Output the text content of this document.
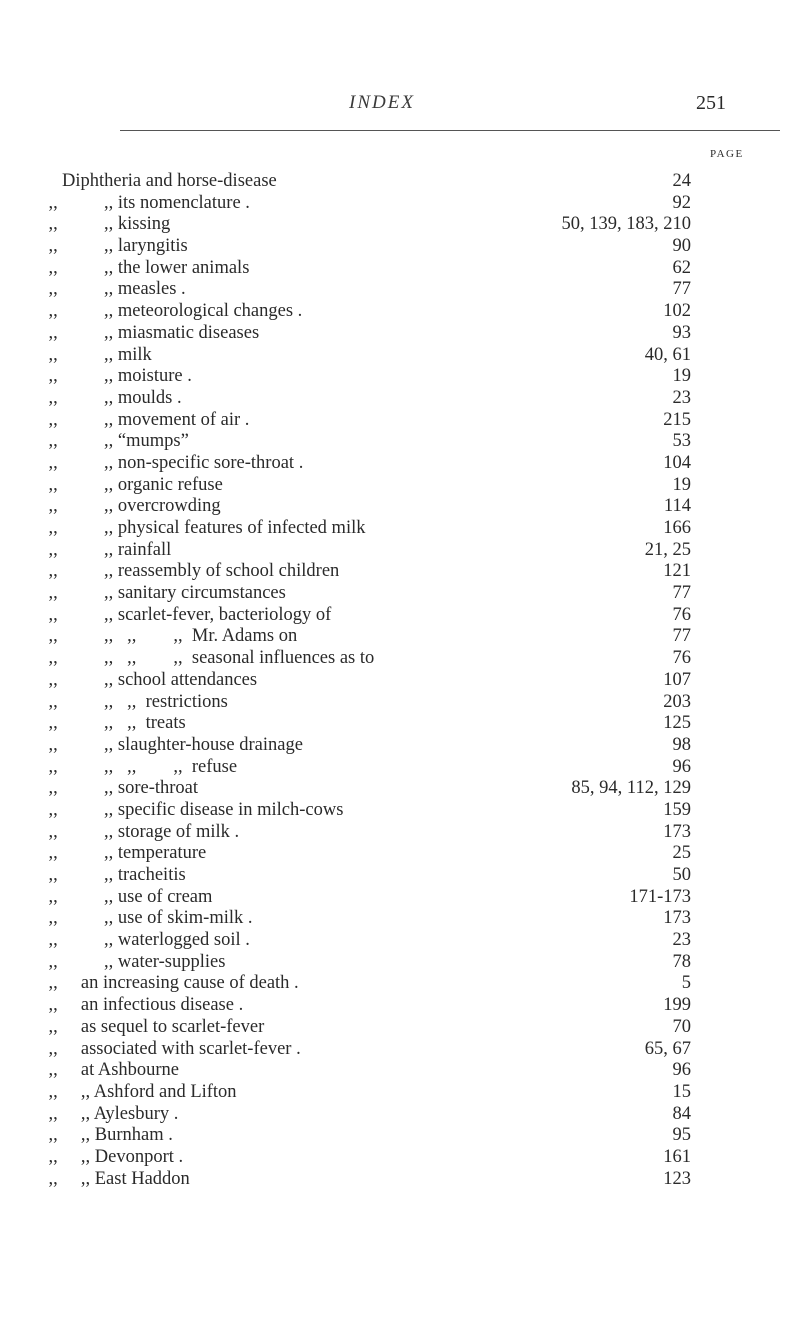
INDEX	251
PAGE
Diphtheria and horse-disease	24
,,          ,, its nomenclature .	92
,,          ,, kissing	50, 139, 183, 210
,,          ,, laryngitis	90
,,          ,, the lower animals	62
,,          ,, measles .	77
,,          ,, meteorological changes .	102
,,          ,, miasmatic diseases	93
,,          ,, milk	40, 61
,,          ,, moisture .	19
,,          ,, moulds .	23
,,          ,, movement of air .	215
,,          ,, “mumps”	53
,,          ,, non-specific sore-throat .	104
,,          ,, organic refuse	19
,,          ,, overcrowding	114
,,          ,, physical features of infected milk	166
,,          ,, rainfall	21, 25
,,          ,, reassembly of school children	121
,,          ,, sanitary circumstances	77
,,          ,, scarlet-fever, bacteriology of	76
,,          ,,   ,,        ,,  Mr. Adams on	77
,,          ,,   ,,        ,,  seasonal influences as to	76
,,          ,, school attendances	107
,,          ,,   ,,  restrictions	203
,,          ,,   ,,  treats	125
,,          ,, slaughter-house drainage	98
,,          ,,   ,,        ,,  refuse	96
,,          ,, sore-throat	85, 94, 112, 129
,,          ,, specific disease in milch-cows	159
,,          ,, storage of milk .	173
,,          ,, temperature	25
,,          ,, tracheitis	50
,,          ,, use of cream	171-173
,,          ,, use of skim-milk .	173
,,          ,, waterlogged soil .	23
,,          ,, water-supplies	78
,,     an increasing cause of death .	5
,,     an infectious disease .	199
,,     as sequel to scarlet-fever	70
,,     associated with scarlet-fever .	65, 67
,,     at Ashbourne	96
,,     ,, Ashford and Lifton	15
,,     ,, Aylesbury .	84
,,     ,, Burnham .	95
,,     ,, Devonport .	161
,,     ,, East Haddon	123
